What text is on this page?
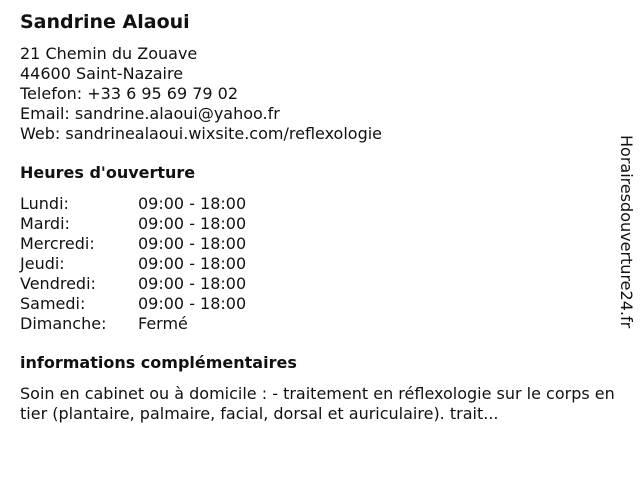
Sandrine Alaoui
21 Chemin du Zouave
44600 Saint-Nazaire
Telefon: +33 6 95 69 79 02
Email: sandrine.alaoui@yahoo.fr
Web: sandrinealaoui.wixsite.com/reflexologie
Heures d'ouverture
Lundi:	09:00 - 18:00
Mardi:	09:00 - 18:00
Mercredi:	09:00 - 18:00
Jeudi:	09:00 - 18:00
Vendredi:	09:00 - 18:00
Samedi:	09:00 - 18:00
Dimanche:	Fermé
informations complémentaires
Soin en cabinet ou à domicile : - traitement en réflexologie sur le corps entier (plantaire, palmaire, facial, dorsal et auriculaire). trait...
Horairesdouverture24.fr
